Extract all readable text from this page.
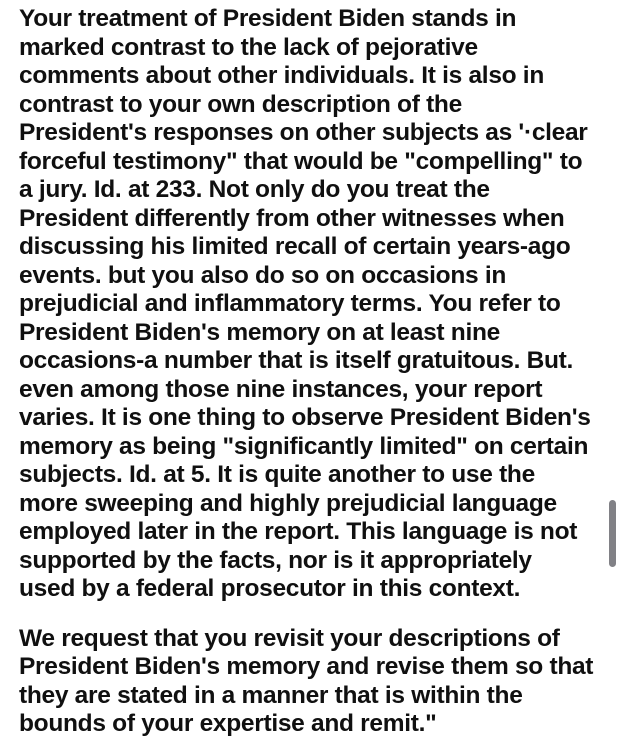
Your treatment of President Biden stands in
marked contrast to the lack of pejorative
comments about other individuals. It is also in
contrast to your own description of the
President's responses on other subjects as '·clear
forceful testimony" that would be "compelling" to
a jury. Id. at 233. Not only do you treat the
President differently from other witnesses when
discussing his limited recall of certain years-ago
events. but you also do so on occasions in
prejudicial and inflammatory terms. You refer to
President Biden's memory on at least nine
occasions-a number that is itself gratuitous. But.
even among those nine instances, your report
varies. It is one thing to observe President Biden's
memory as being "significantly limited" on certain
subjects. Id. at 5. It is quite another to use the
more sweeping and highly prejudicial language
employed later in the report. This language is not
supported by the facts, nor is it appropriately
used by a federal prosecutor in this context.
We request that you revisit your descriptions of
President Biden's memory and revise them so that
they are stated in a manner that is within the
bounds of your expertise and remit."
